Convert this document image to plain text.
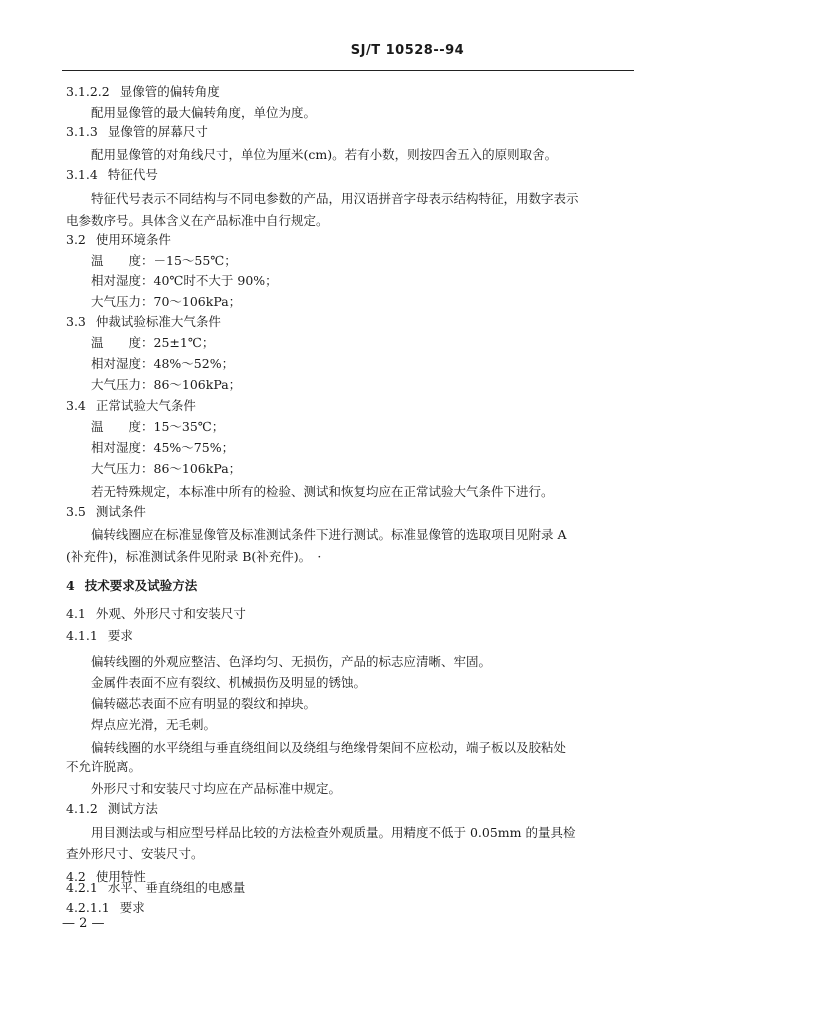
SJ/T 10528--94
3.1.2.2 显像管的偏转角度
配用显像管的最大偏转角度，单位为度。
3.1.3 显像管的屏幕尺寸
配用显像管的对角线尺寸，单位为厘米(cm)。若有小数，则按四舍五入的原则取舍。
3.1.4 特征代号
特征代号表示不同结构与不同电参数的产品，用汉语拼音字母表示结构特征，用数字表示
电参数序号。具体含义在产品标准中自行规定。
3.2 使用环境条件
温　　度：－15～55℃；
相对湿度：40℃时不大于 90%；
大气压力：70～106kPa；
3.3 仲裁试验标准大气条件
温　　度：25±1℃；
相对湿度：48%～52%；
大气压力：86～106kPa；
3.4 正常试验大气条件
温　　度：15～35℃；
相对湿度：45%～75%；
大气压力：86～106kPa；
若无特殊规定，本标准中所有的检验、测试和恢复均应在正常试验大气条件下进行。
3.5 测试条件
偏转线圈应在标准显像管及标准测试条件下进行测试。标准显像管的选取项目见附录 A
(补充件)，标准测试条件见附录 B(补充件)。　·
4 技术要求及试验方法
4.1 外观、外形尺寸和安装尺寸
4.1.1 要求
偏转线圈的外观应整洁、色泽均匀、无损伤，产品的标志应清晰、牢固。
金属件表面不应有裂纹、机械损伤及明显的锈蚀。
偏转磁芯表面不应有明显的裂纹和掉块。
焊点应光滑，无毛刺。
偏转线圈的水平绕组与垂直绕组间以及绕组与绝缘骨架间不应松动，端子板以及胶粘处
不允许脱离。
外形尺寸和安装尺寸均应在产品标准中规定。
4.1.2 测试方法
用目测法或与相应型号样品比较的方法检查外观质量。用精度不低于 0.05mm 的量具检
查外形尺寸、安装尺寸。
4.2 使用特性
4.2.1 水平、垂直绕组的电感量
4.2.1.1 要求
— 2 —
